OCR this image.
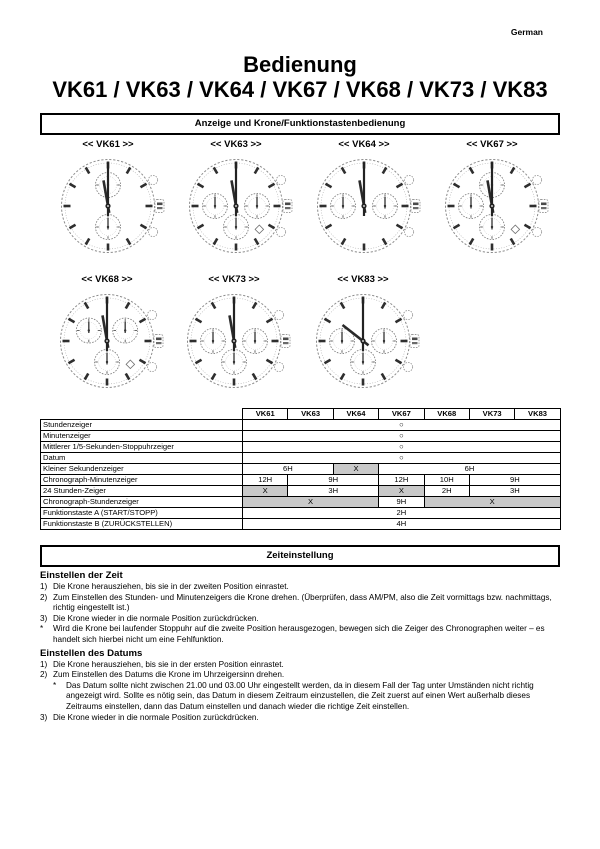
German
Bedienung
VK61 / VK63 / VK64 / VK67 / VK68 / VK73 / VK83
Anzeige und Krone/Funktionstastenbedienung
<< VK61 >>	<< VK63 >>	<< VK64 >>	<< VK67 >>
<< VK68 >>	<< VK73 >>	<< VK83 >>
	VK61	VK63	VK64	VK67	VK68	VK73	VK83
Stundenzeiger	○						
Minutenzeiger	○						
Mittlerer 1/5-Sekunden-Stoppuhrzeiger	○						
Datum	○						
Kleiner Sekundenzeiger	6H		X	6H			
Chronograph-Minutenzeiger	12H	9H		12H	10H	9H	
24 Stunden-Zeiger	X	3H		X	2H	3H	
Chronograph-Stundenzeiger	X			9H	X		
Funktionstaste A (START/STOPP)	2H						
Funktionstaste B (ZURÜCKSTELLEN)	4H						
Zeiteinstellung
Einstellen der Zeit
1) Die Krone herausziehen, bis sie in der zweiten Position einrastet.
2) Zum Einstellen des Stunden- und Minutenzeigers die Krone drehen. (Überprüfen, dass AM/PM, also die Zeit vormittags bzw. nachmittags, richtig eingestellt ist.)
3) Die Krone wieder in die normale Position zurückdrücken.
*	Wird die Krone bei laufender Stoppuhr auf die zweite Position herausgezogen, bewegen sich die Zeiger des Chronographen weiter – es handelt sich hierbei nicht um eine Fehlfunktion.
Einstellen des Datums
1) Die Krone herausziehen, bis sie in der ersten Position einrastet.
2) Zum Einstellen des Datums die Krone im Uhrzeigersinn drehen.
*	Das Datum sollte nicht zwischen 21.00 und 03.00 Uhr eingestellt werden, da in diesem Fall der Tag unter Umständen nicht richtig angezeigt wird. Sollte es nötig sein, das Datum in diesem Zeitraum einzustellen, die Zeit zuerst auf einen Wert außerhalb dieses Zeitraums einstellen, dann das Datum einstellen und danach wieder die richtige Zeit einstellen.
3) Die Krone wieder in die normale Position zurückdrücken.
